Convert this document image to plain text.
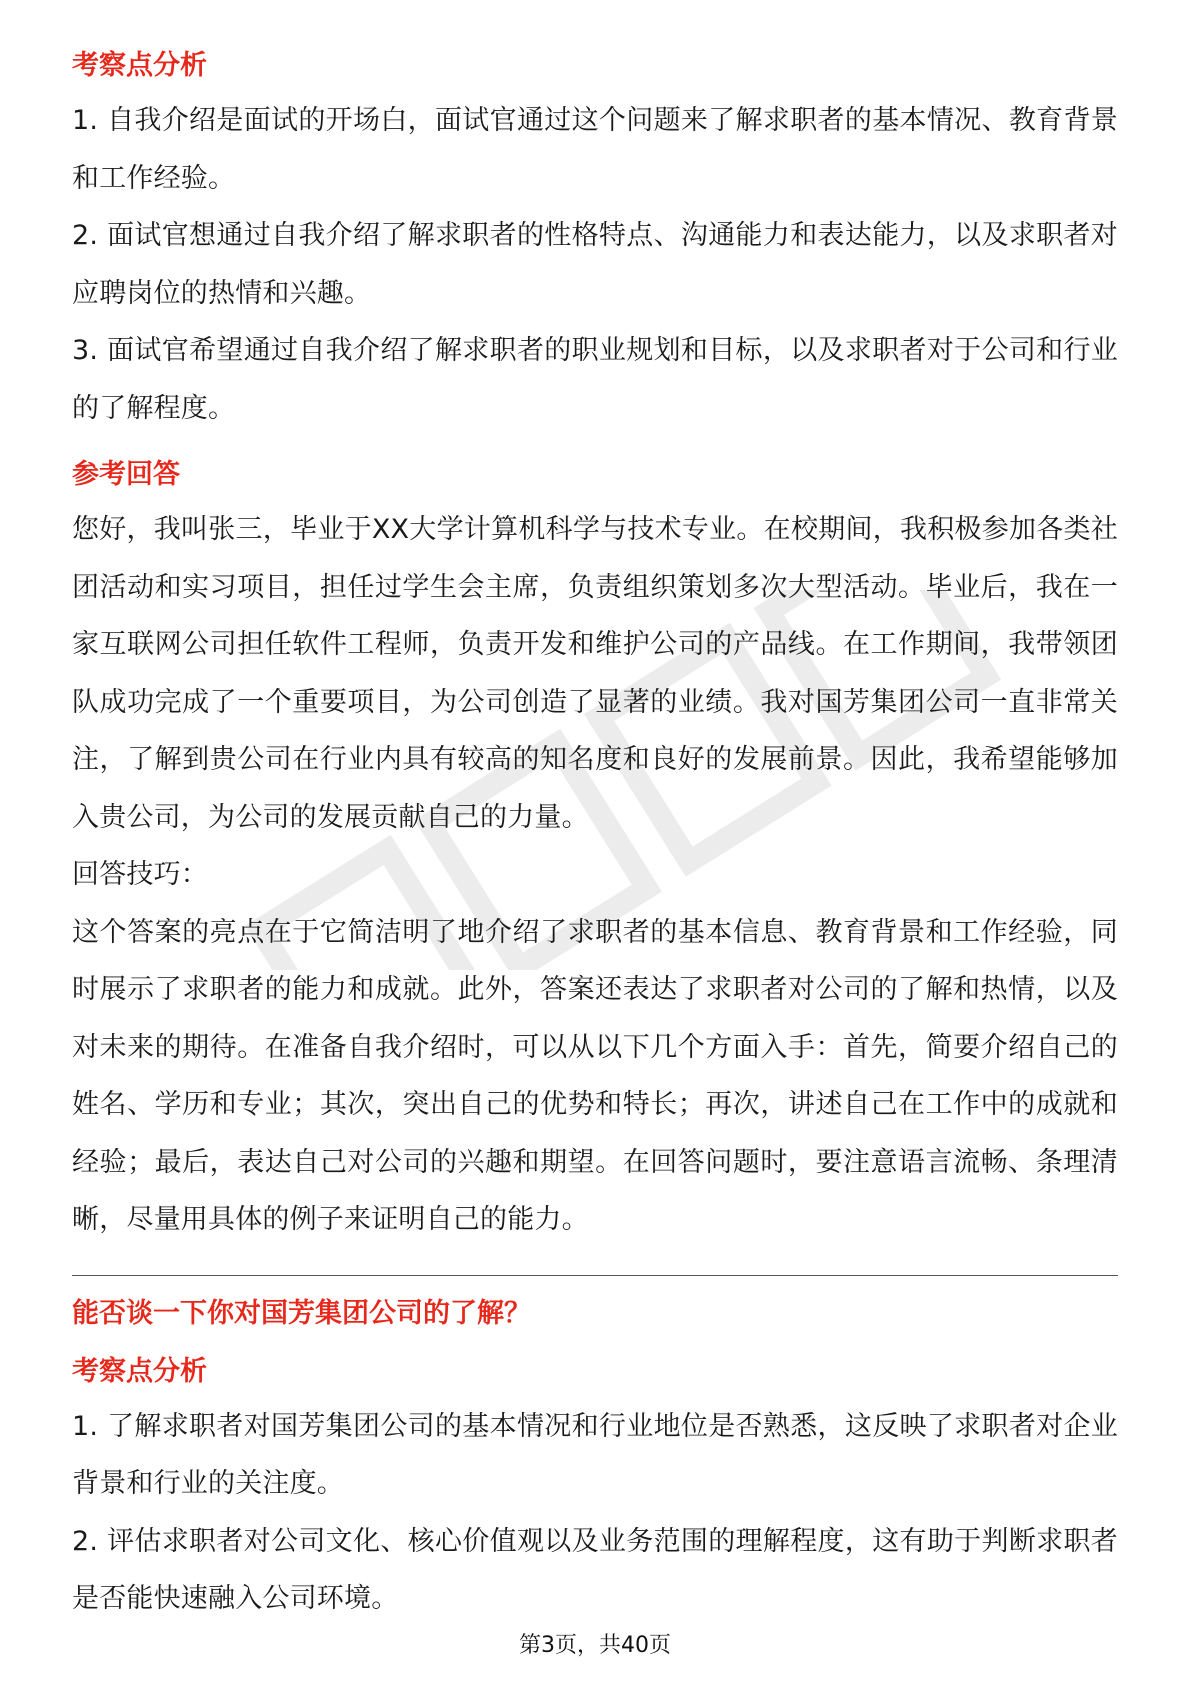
考察点分析

1. 自我介绍是面试的开场白，面试官通过这个问题来了解求职者的基本情况、教育背景和工作经验。

2. 面试官想通过自我介绍了解求职者的性格特点、沟通能力和表达能力，以及求职者对应聘岗位的热情和兴趣。

3. 面试官希望通过自我介绍了解求职者的职业规划和目标，以及求职者对于公司和行业的了解程度。

参考回答

您好，我叫张三，毕业于XX大学计算机科学与技术专业。在校期间，我积极参加各类社团活动和实习项目，担任过学生会主席，负责组织策划多次大型活动。毕业后，我在一家互联网公司担任软件工程师，负责开发和维护公司的产品线。在工作期间，我带领团队成功完成了一个重要项目，为公司创造了显著的业绩。我对国芳集团公司一直非常关注，了解到贵公司在行业内具有较高的知名度和良好的发展前景。因此，我希望能够加入贵公司，为公司的发展贡献自己的力量。

回答技巧：

这个答案的亮点在于它简洁明了地介绍了求职者的基本信息、教育背景和工作经验，同时展示了求职者的能力和成就。此外，答案还表达了求职者对公司的了解和热情，以及对未来的期待。在准备自我介绍时，可以从以下几个方面入手：首先，简要介绍自己的姓名、学历和专业；其次，突出自己的优势和特长；再次，讲述自己在工作中的成就和经验；最后，表达自己对公司的兴趣和期望。在回答问题时，要注意语言流畅、条理清晰，尽量用具体的例子来证明自己的能力。

能否谈一下你对国芳集团公司的了解？

考察点分析

1. 了解求职者对国芳集团公司的基本情况和行业地位是否熟悉，这反映了求职者对企业背景和行业的关注度。

2. 评估求职者对公司文化、核心价值观以及业务范围的理解程度，这有助于判断求职者是否能快速融入公司环境。

第3页，共40页
